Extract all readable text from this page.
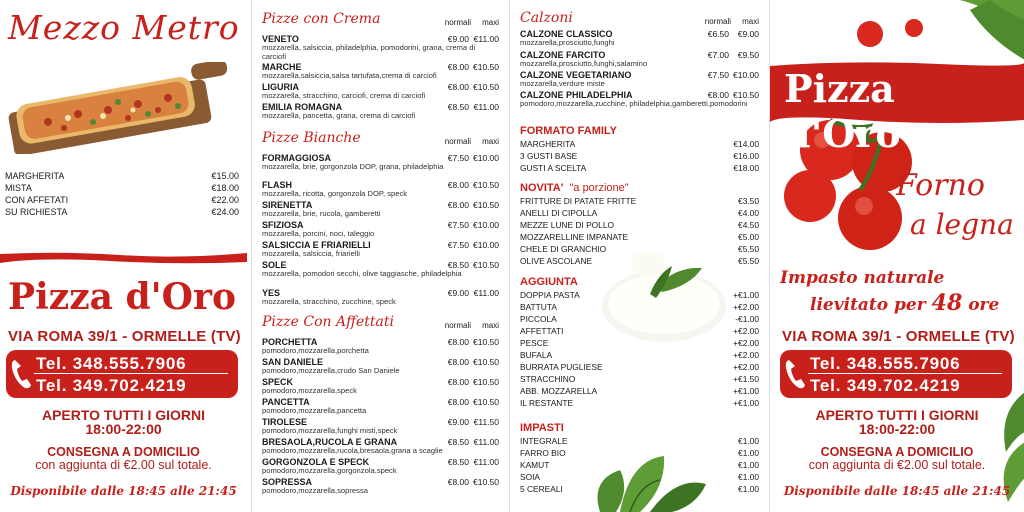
Mezzo Metro
MARGHERITA	€15.00
MISTA	€18.00
CON AFFETATI	€22.00
SU RICHIESTA	€24.00
Pizza d'Oro
VIA ROMA 39/1 - ORMELLE (TV)
Tel. 348.555.7906
Tel. 349.702.4219
APERTO TUTTI I GIORNI
18:00-22:00
CONSEGNA A DOMICILIO
con aggiunta di €2.00 sul totale.
Disponibile dalle 18:45 alle 21:45
Pizze con Crema	normali	maxi
VENETO	€9.00 €11.00
mozzarella, salsiccia, philadelphia, pomodorini, grana, crema di carciofi
MARCHE	€8.00 €10.50
mozzarella,salsiccia,salsa tartufata,crema di carciofi
LIGURIA	€8.00 €10.50
mozzarella, stracchino, carciofi, crema di carciofi
EMILIA ROMAGNA	€8.50 €11.00
mozzarella, pancetta, grana, crema di carciofi
Pizze Bianche	normali	maxi
FORMAGGIOSA	€7.50 €10.00
mozzarella, brie, gorgonzola DOP, grana, philadelphia
FLASH	€8.00 €10.50
mozzarella, ricotta, gorgonzola DOP, speck
SIRENETTA	€8.00 €10.50
mozzarella, brie, rucola, gamberetti
SFIZIOSA	€7.50 €10.00
mozzarella, porcini, noci, taleggio
SALSICCIA E FRIARIELLI	€7.50 €10.00
mozzarella, salsiccia, friarielli
SOLE	€8.50 €10.50
mozzarella, pomodori secchi, olive taggiasche, philadelphia
YES	€9.00 €11.00
mozzarella, stracchino, zucchine, speck
Pizze Con Affettati	normali	maxi
PORCHETTA	€8.00 €10.50
pomodoro,mozzarella,porchetta
SAN DANIELE	€8.00 €10.50
pomodoro,mozzarella,crudo San Daniele
SPECK	€8.00 €10.50
pomodoro,mozzarella,speck
PANCETTA	€8.00 €10.50
pomodoro,mozzarella,pancetta
TIROLESE	€9.00 €11.50
pomodoro,mozzarella,funghi misti,speck
BRESAOLA,RUCOLA E GRANA	€8.50 €11.00
pomodoro,mozzarella,rucola,bresaola,grana a scaglie
GORGONZOLA E SPECK	€8.50 €11.00
pomodoro,mozzarella,gorgonzola,speck
SOPRESSA	€8.00 €10.50
pomodoro,mozzarella,sopressa
Calzoni	normali	maxi
CALZONE CLASSICO	€6.50	€9.00
mozzarella,prosciutto,funghi
CALZONE FARCITO	€7.00	€9.50
mozzarella,prosciutto,funghi,salamino
CALZONE VEGETARIANO	€7.50 €10.00
mozzarella,verdure miste
CALZONE PHILADELPHIA	€8.00 €10.50
pomodoro,mozzarella,zucchine, philadelphia,gamberetti,pomodorini
FORMATO FAMILY
MARGHERITA	€14.00
3 GUSTI BASE	€16.00
GUSTI A SCELTA	€18.00
NOVITA' "a porzione"
FRITTURE DI PATATE FRITTE	€3.50
ANELLI DI CIPOLLA	€4.00
MEZZE LUNE DI POLLO	€4.50
MOZZARELLINE IMPANATE	€5.00
CHELE DI GRANCHIO	€5.50
OLIVE ASCOLANE	€5.50
AGGIUNTA
DOPPIA PASTA	+€1.00
BATTUTA	+€2.00
PICCOLA	-€1.00
AFFETTATI	+€2.00
PESCE	+€2.00
BUFALA	+€2.00
BURRATA PUGLIESE	+€2.00
STRACCHINO	+€1.50
ABB. MOZZARELLA	+€1.00
IL RESTANTE	+€1.00
IMPASTI
INTEGRALE	€1.00
FARRO BIO	€1.00
KAMUT	€1.00
SOIA	€1.00
5 CEREALI	€1.00
Pizza d'Oro
Forno
a legna
Impasto naturale
lievitato per 48 ore
VIA ROMA 39/1 - ORMELLE (TV)
Tel. 348.555.7906
Tel. 349.702.4219
APERTO TUTTI I GIORNI
18:00-22:00
CONSEGNA A DOMICILIO
con aggiunta di €2.00 sul totale.
Disponibile dalle 18:45 alle 21:45
